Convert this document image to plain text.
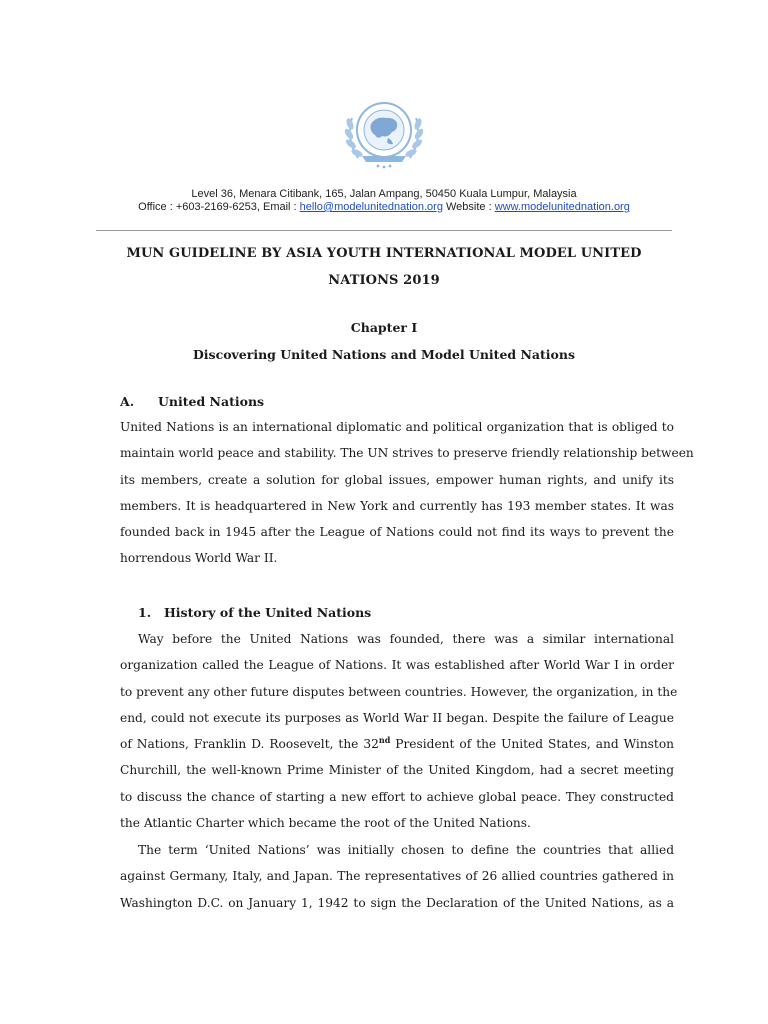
Level 36, Menara Citibank, 165, Jalan Ampang, 50450 Kuala Lumpur, Malaysia
Office : +603-2169-6253, Email : hello@modelunitednation.org Website : www.modelunitednation.org
MUN GUIDELINE BY ASIA YOUTH INTERNATIONAL MODEL UNITED
NATIONS 2019
Chapter I
Discovering United Nations and Model United Nations
A. United Nations
United Nations is an international diplomatic and political organization that is obliged to
maintain world peace and stability. The UN strives to preserve friendly relationship between
its members, create a solution for global issues, empower human rights, and unify its
members. It is headquartered in New York and currently has 193 member states. It was
founded back in 1945 after the League of Nations could not find its ways to prevent the
horrendous World War II.
1. History of the United Nations
Way before the United Nations was founded, there was a similar international
organization called the League of Nations. It was established after World War I in order
to prevent any other future disputes between countries. However, the organization, in the
end, could not execute its purposes as World War II began. Despite the failure of League
of Nations, Franklin D. Roosevelt, the 32nd President of the United States, and Winston
Churchill, the well-known Prime Minister of the United Kingdom, had a secret meeting
to discuss the chance of starting a new effort to achieve global peace. They constructed
the Atlantic Charter which became the root of the United Nations.
The term ‘United Nations’ was initially chosen to define the countries that allied
against Germany, Italy, and Japan. The representatives of 26 allied countries gathered in
Washington D.C. on January 1, 1942 to sign the Declaration of the United Nations, as a
